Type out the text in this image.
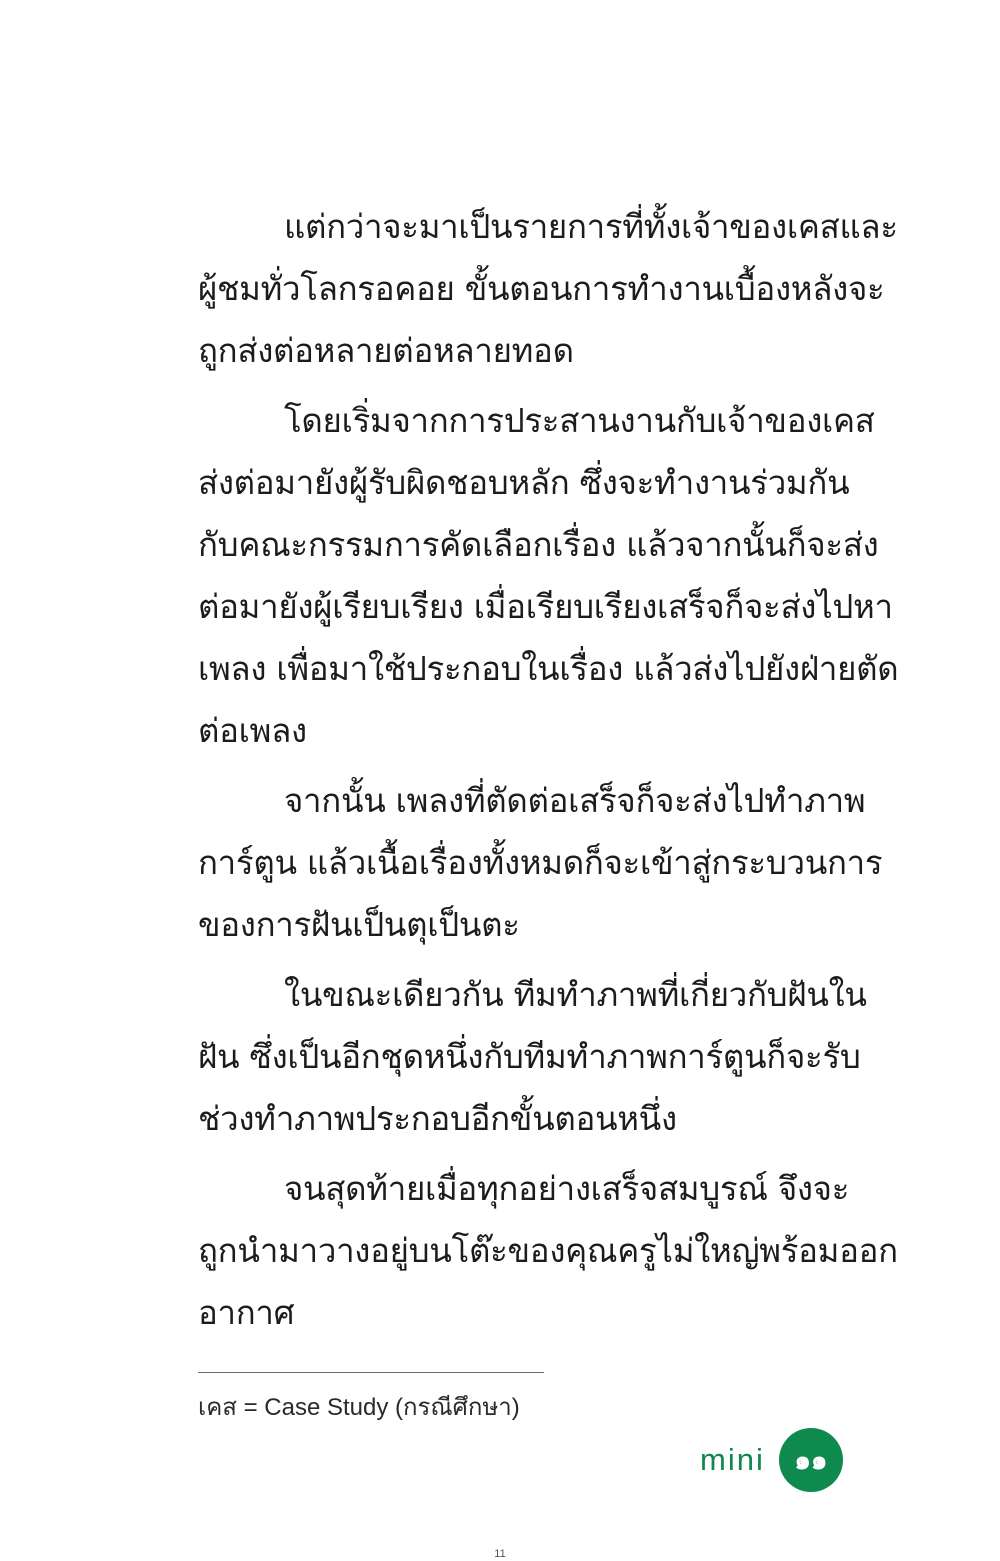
แต่กว่าจะมาเป็นรายการที่ทั้งเจ้าของเคสและ
ผู้ชมทั่วโลกรอคอย ขั้นตอนการทำงานเบื้องหลังจะ
ถูกส่งต่อหลายต่อหลายทอด
โดยเริ่มจากการประสานงานกับเจ้าของเคส
ส่งต่อมายังผู้รับผิดชอบหลัก ซึ่งจะทำงานร่วมกัน
กับคณะกรรมการคัดเลือกเรื่อง แล้วจากนั้นก็จะส่ง
ต่อมายังผู้เรียบเรียง เมื่อเรียบเรียงเสร็จก็จะส่งไปหา
เพลง เพื่อมาใช้ประกอบในเรื่อง แล้วส่งไปยังฝ่ายตัด
ต่อเพลง
จากนั้น เพลงที่ตัดต่อเสร็จก็จะส่งไปทำภาพ
การ์ตูน แล้วเนื้อเรื่องทั้งหมดก็จะเข้าสู่กระบวนการ
ของการฝันเป็นตุเป็นตะ
ในขณะเดียวกัน ทีมทำภาพที่เกี่ยวกับฝันใน
ฝัน ซึ่งเป็นอีกชุดหนึ่งกับทีมทำภาพการ์ตูนก็จะรับ
ช่วงทำภาพประกอบอีกขั้นตอนหนึ่ง
จนสุดท้ายเมื่อทุกอย่างเสร็จสมบูรณ์ จึงจะ
ถูกนำมาวางอยู่บนโต๊ะของคุณครูไม่ใหญ่พร้อมออก
อากาศ
เคส = Case Study (กรณีศึกษา)
mini	๑๑
11
